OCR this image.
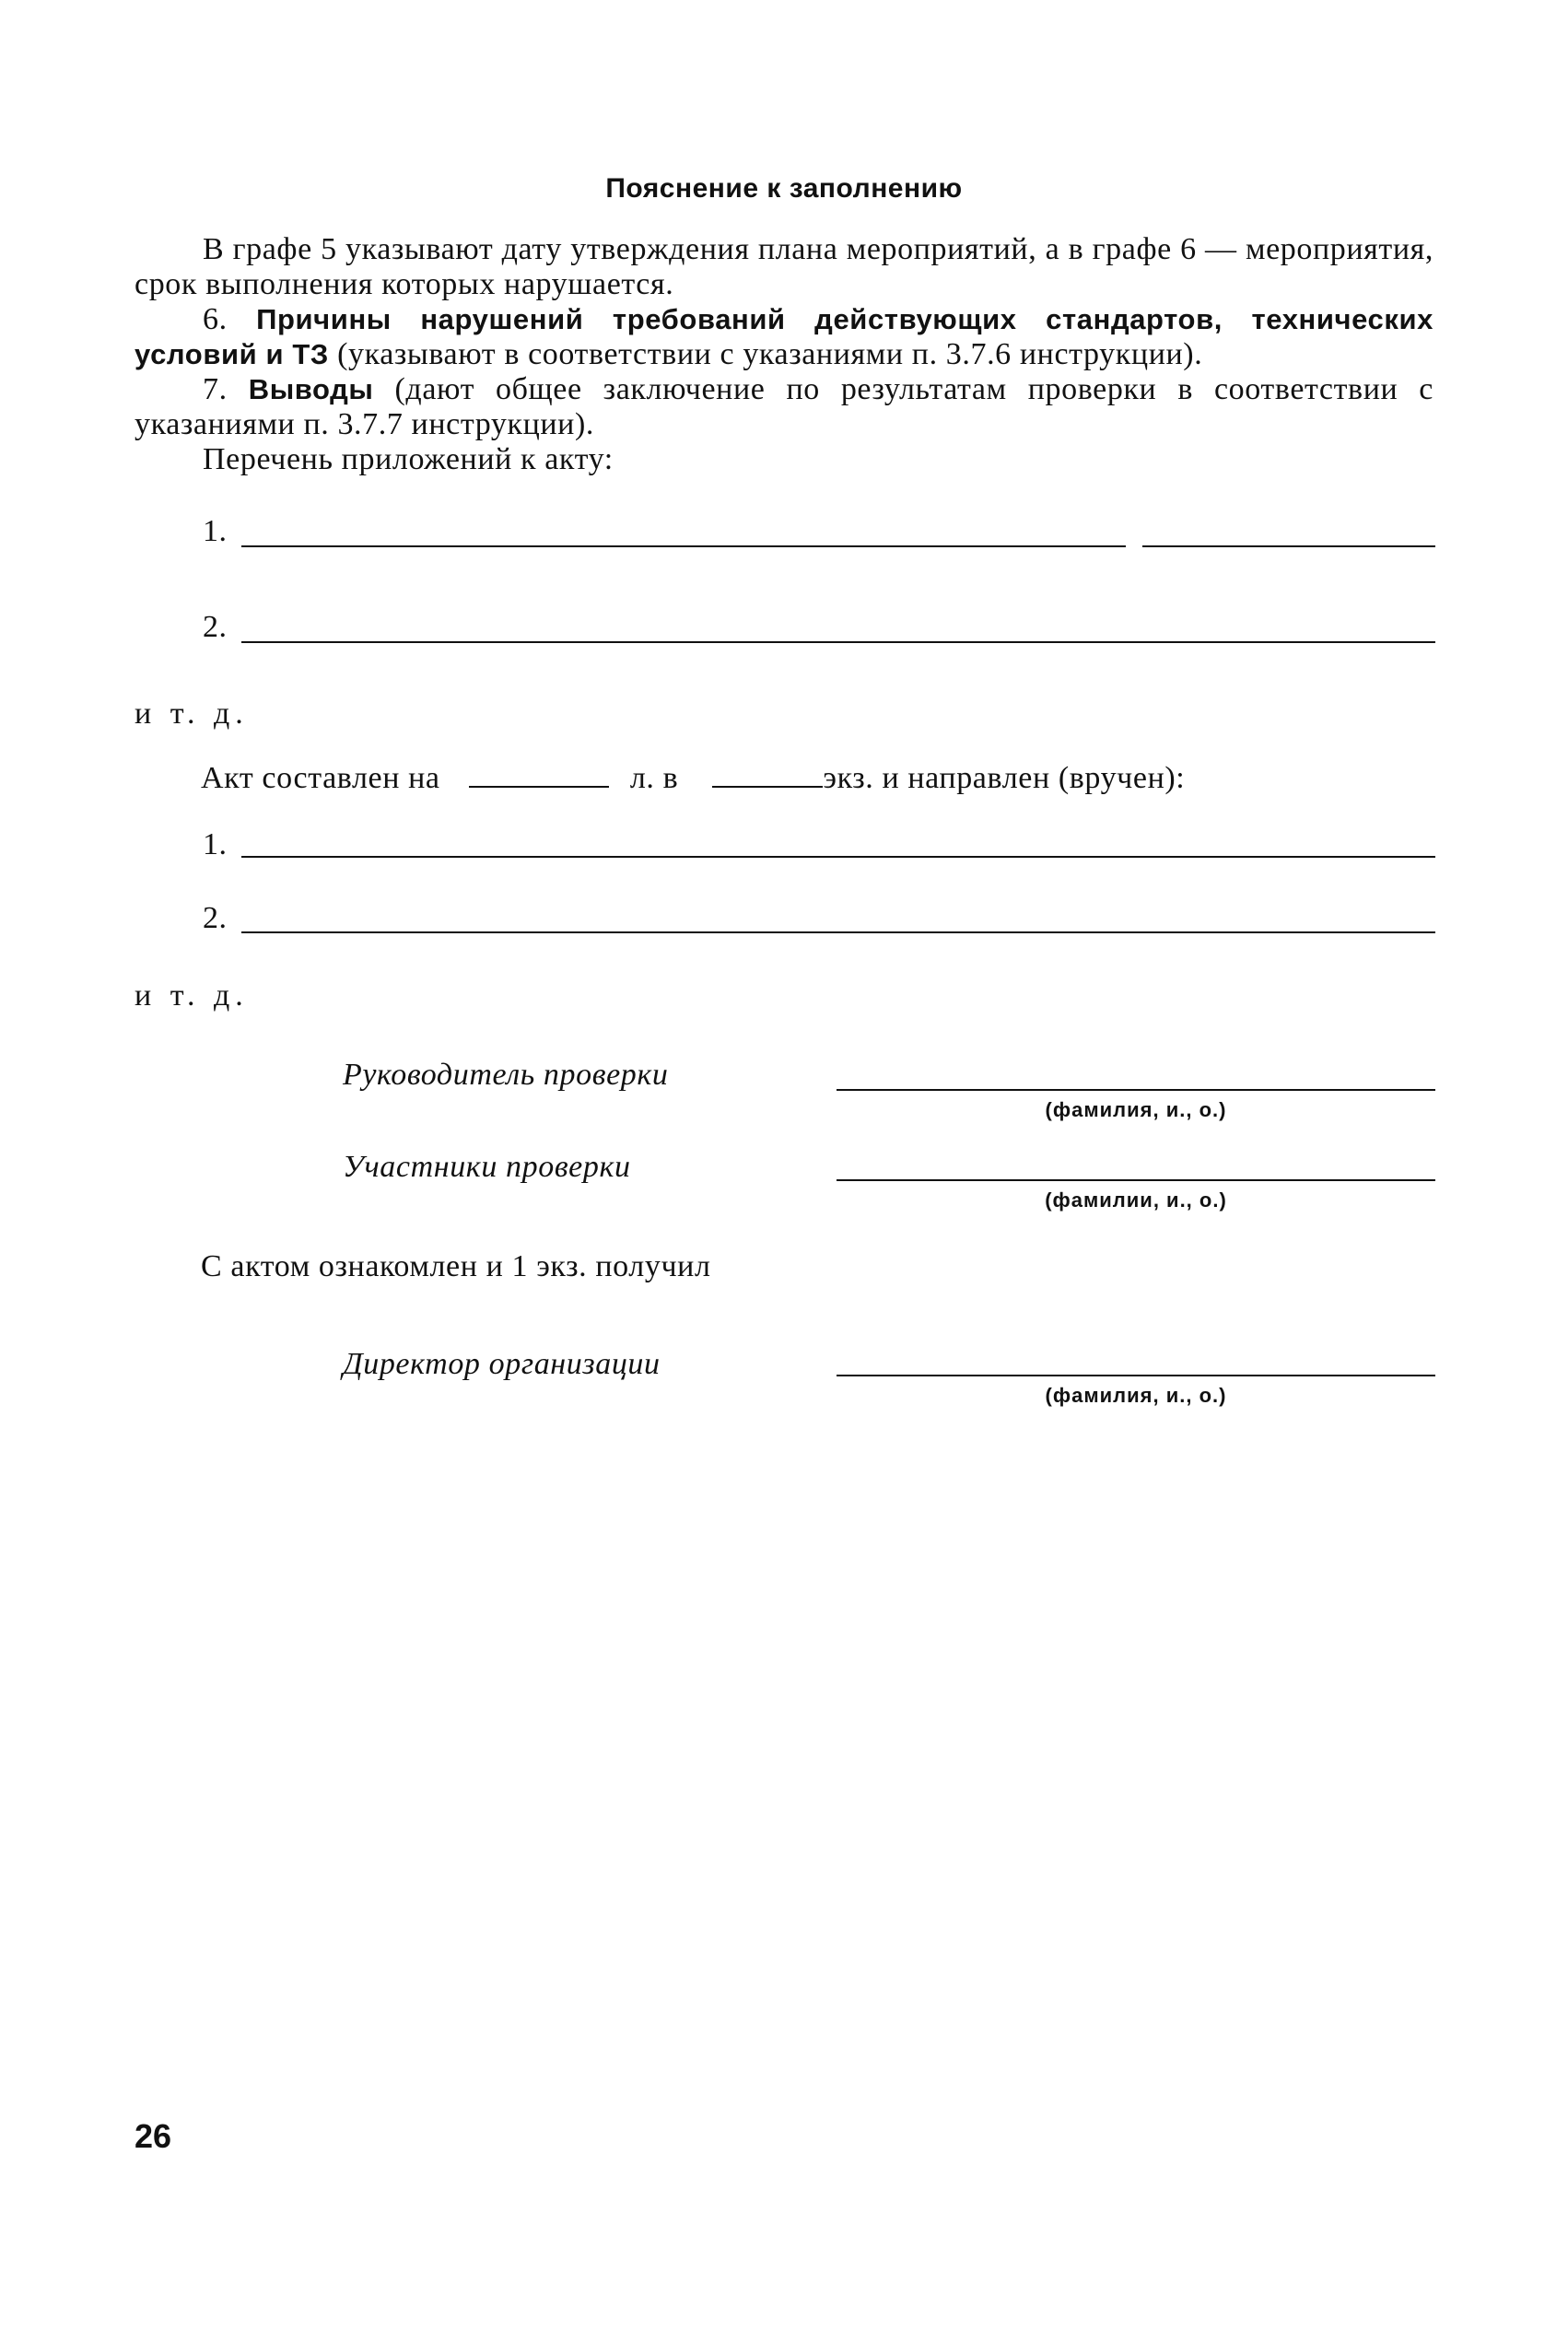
Пояснение к заполнению
В графе 5 указывают дату утверждения плана мероприятий, а в графе 6 — мероприятия, срок выполнения которых нарушается.
6. Причины нарушений требований действующих стандартов, технических условий и ТЗ (указывают в соответствии с указаниями п. 3.7.6 инструкции).
7. Выводы (дают общее заключение по результатам проверки в соответствии с указаниями п. 3.7.7 инструкции).
Перечень приложений к акту:
1.
2.
и т. д.
Акт составлен на	л. в	экз. и направлен (вручен):
1.
2.
и т. д.
Руководитель проверки
(фамилия, и., о.)
Участники проверки
(фамилии, и., о.)
С актом ознакомлен и 1 экз. получил
Директор организации
(фамилия, и., о.)
26
